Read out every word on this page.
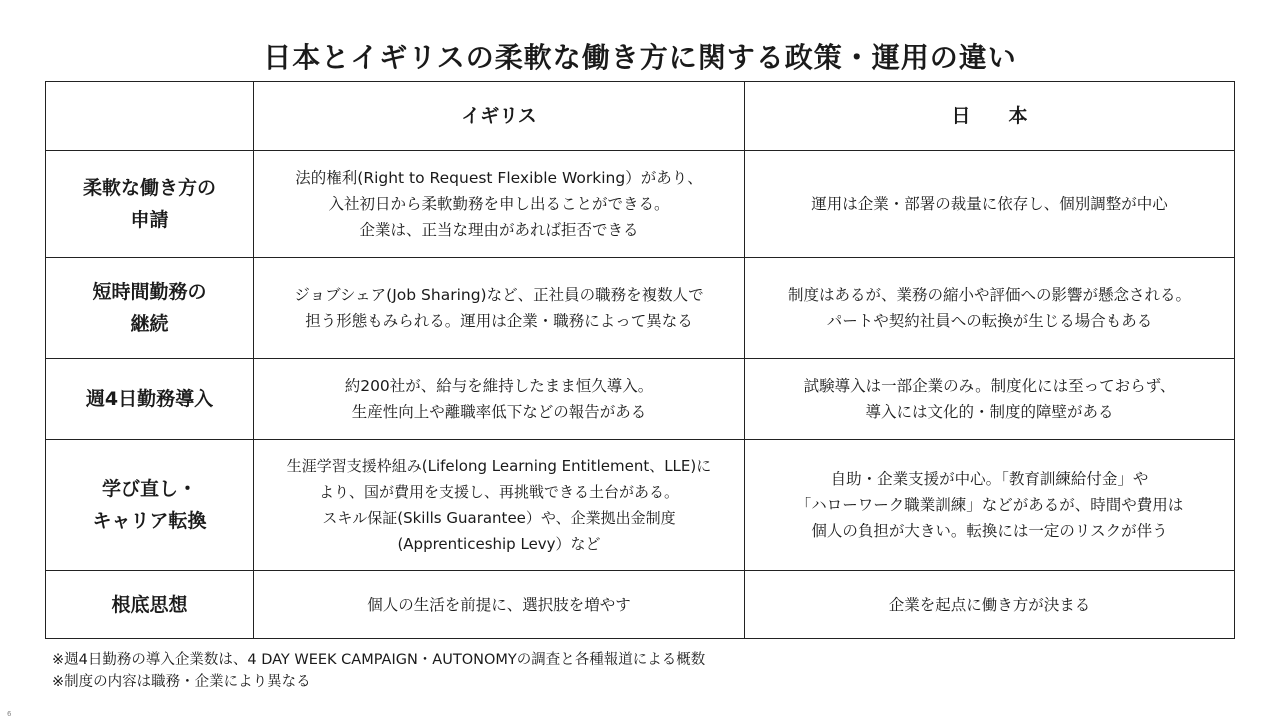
日本とイギリスの柔軟な働き方に関する政策・運用の違い
	イギリス	日　　本

柔軟な働き方の
申請	法的権利(Right to Request Flexible Working）があり、
入社初日から柔軟勤務を申し出ることができる。
企業は、正当な理由があれば拒否できる	運用は企業・部署の裁量に依存し、個別調整が中心

短時間勤務の
継続	ジョブシェア(Job Sharing)など、正社員の職務を複数人で
担う形態もみられる。運用は企業・職務によって異なる	制度はあるが、業務の縮小や評価への影響が懸念される。
パートや契約社員への転換が生じる場合もある

週4日勤務導入	約200社が、給与を維持したまま恒久導入。
生産性向上や離職率低下などの報告がある	試験導入は一部企業のみ。制度化には至っておらず、
導入には文化的・制度的障壁がある

学び直し・
キャリア転換	生涯学習支援枠組み(Lifelong Learning Entitlement、LLE)に
より、国が費用を支援し、再挑戦できる土台がある。
スキル保証(Skills Guarantee）や、企業拠出金制度
(Apprenticeship Levy）など	自助・企業支援が中心。「教育訓練給付金」や
「ハローワーク職業訓練」などがあるが、時間や費用は
個人の負担が大きい。転換には一定のリスクが伴う

根底思想	個人の生活を前提に、選択肢を増やす	企業を起点に働き方が決まる
※週4日勤務の導入企業数は、4 DAY WEEK CAMPAIGN・AUTONOMYの調査と各種報道による概数
※制度の内容は職務・企業により異なる
6
